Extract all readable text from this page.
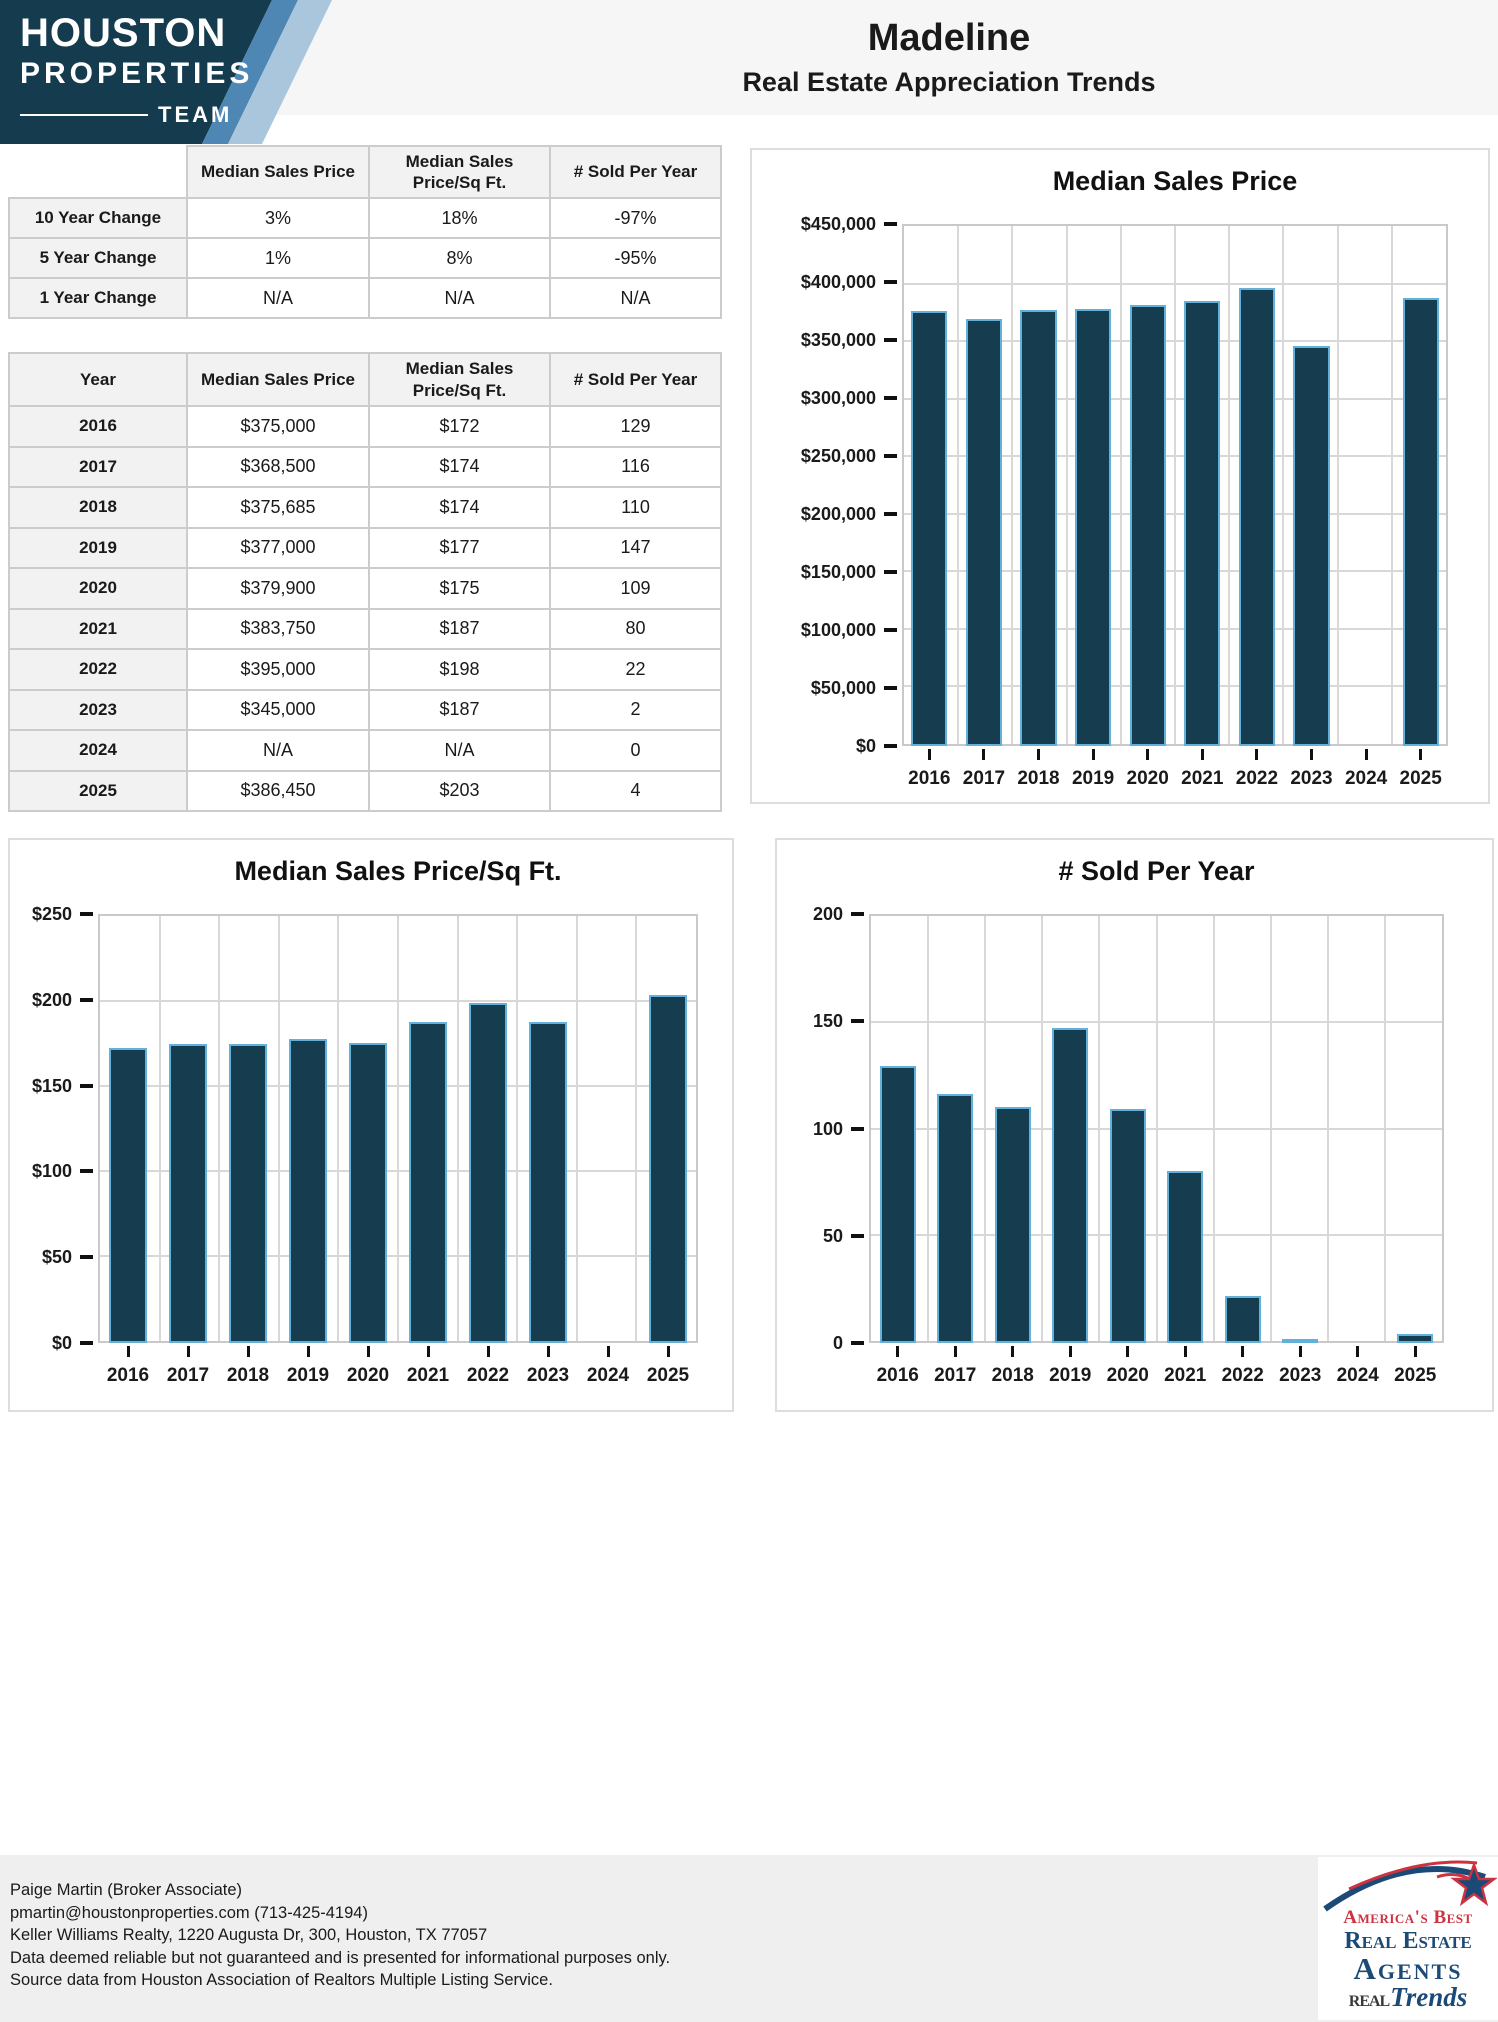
HOUSTON
PROPERTIES
TEAM
Madeline
Real Estate Appreciation Trends
	Median Sales Price	Median Sales Price/Sq Ft.	# Sold Per Year
10 Year Change	3%	18%	-97%
5 Year Change	1%	8%	-95%
1 Year Change	N/A	N/A	N/A
Year	Median Sales Price	Median Sales Price/Sq Ft.	# Sold Per Year
2016	$375,000	$172	129
2017	$368,500	$174	116
2018	$375,685	$174	110
2019	$377,000	$177	147
2020	$379,900	$175	109
2021	$383,750	$187	80
2022	$395,000	$198	22
2023	$345,000	$187	2
2024	N/A	N/A	0
2025	$386,450	$203	4
Median Sales Price
$450,000
$400,000
$350,000
$300,000
$250,000
$200,000
$150,000
$100,000
$50,000
$0
2016 2017 2018 2019 2020 2021 2022 2023 2024 2025
Median Sales Price/Sq Ft.
$250
$200
$150
$100
$50
$0
2016 2017 2018 2019 2020 2021 2022 2023 2024 2025
# Sold Per Year
200
150
100
50
0
2016 2017 2018 2019 2020 2021 2022 2023 2024 2025
Paige Martin (Broker Associate)
pmartin@houstonproperties.com (713-425-4194)
Keller Williams Realty, 1220 Augusta Dr, 300, Houston, TX 77057
Data deemed reliable but not guaranteed and is presented for informational purposes only.
Source data from Houston Association of Realtors Multiple Listing Service.
America's Best
Real Estate
Agents
REAL Trends
